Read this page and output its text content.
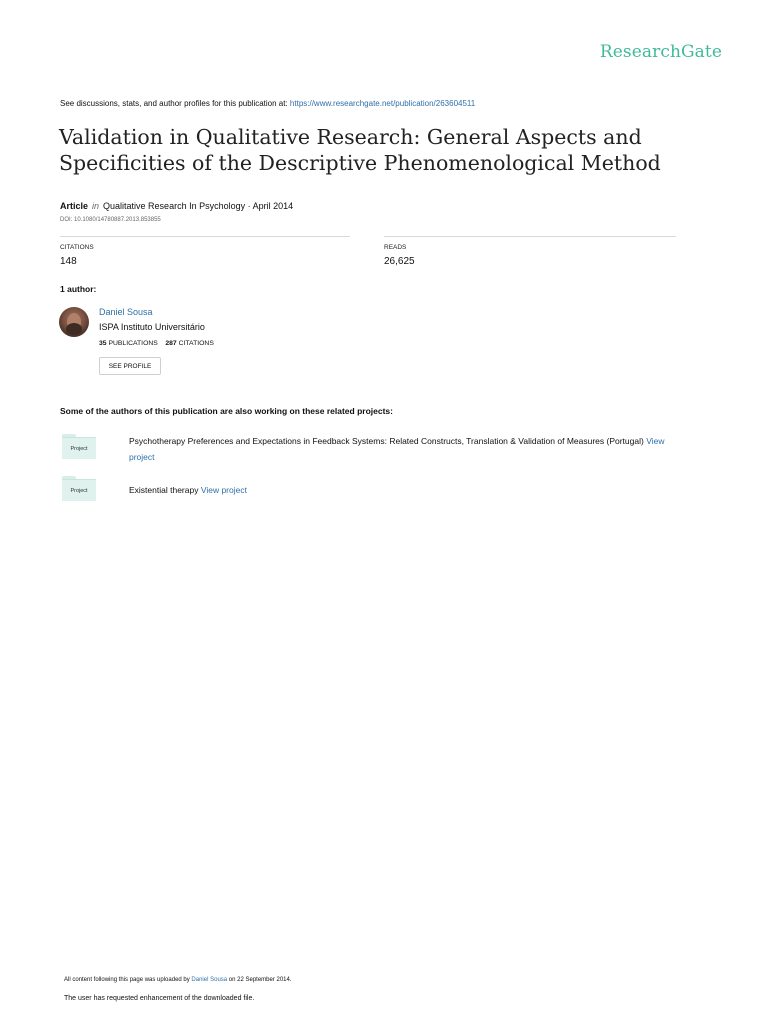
ResearchGate
See discussions, stats, and author profiles for this publication at: https://www.researchgate.net/publication/263604511
Validation in Qualitative Research: General Aspects and
Specificities of the Descriptive Phenomenological Method
Article in Qualitative Research In Psychology · April 2014
DOI: 10.1080/14780887.2013.853855
CITATIONS
148
READS
26,625
1 author:
Daniel Sousa
ISPA Instituto Universitário
35 PUBLICATIONS 287 CITATIONS
SEE PROFILE
Some of the authors of this publication are also working on these related projects:
Project
Psychotherapy Preferences and Expectations in Feedback Systems: Related Constructs, Translation & Validation of Measures (Portugal) View
project
Project	Existential therapy View project
All content following this page was uploaded by Daniel Sousa on 22 September 2014.
The user has requested enhancement of the downloaded file.
